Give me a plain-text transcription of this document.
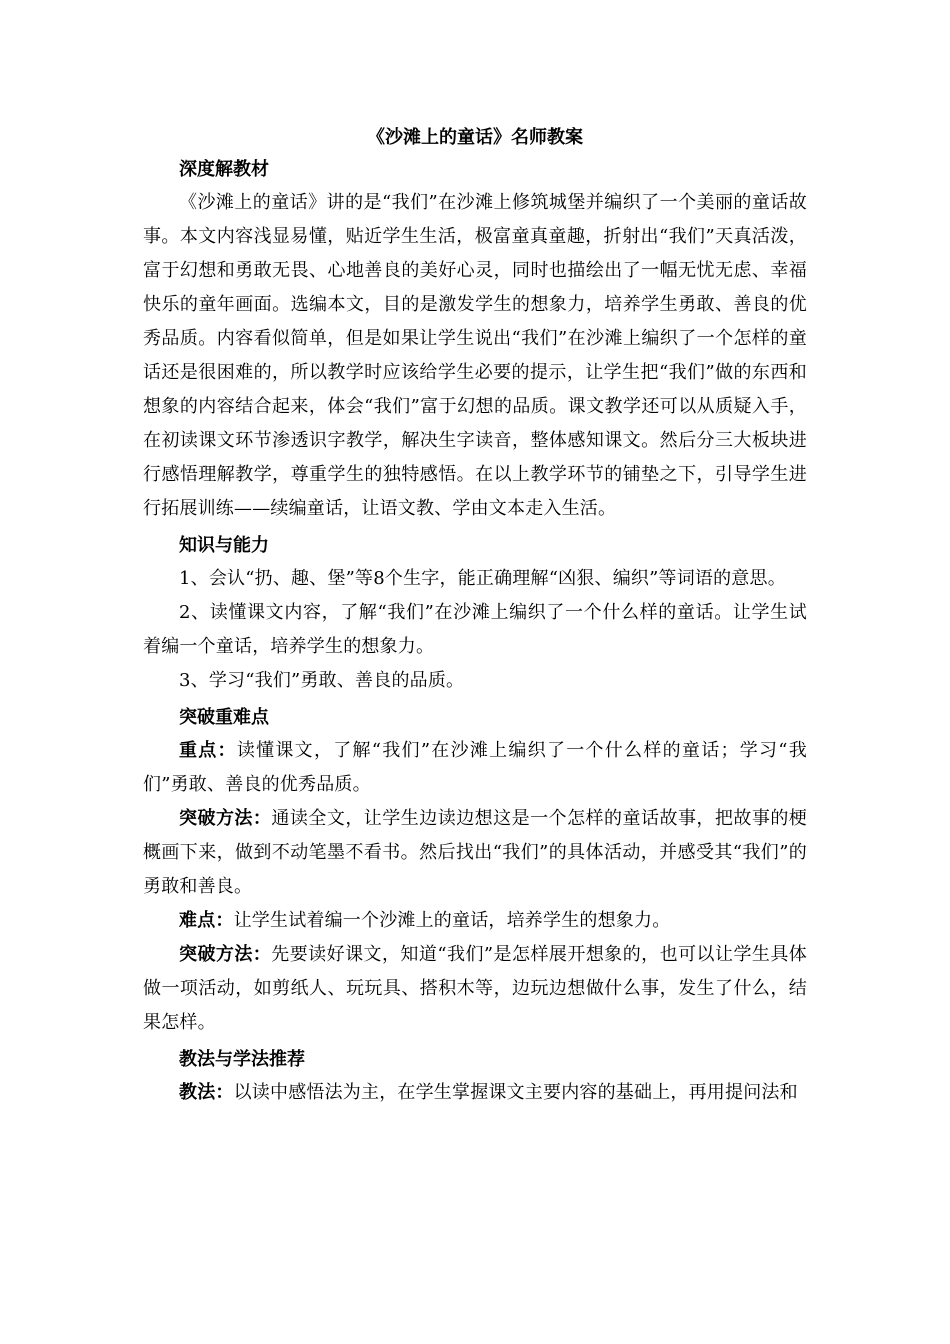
《沙滩上的童话》名师教案
深度解教材

《沙滩上的童话》讲的是“我们”在沙滩上修筑城堡并编织了一个美丽的童话故事。本文内容浅显易懂，贴近学生生活，极富童真童趣，折射出“我们”天真活泼，富于幻想和勇敢无畏、心地善良的美好心灵，同时也描绘出了一幅无忧无虑、幸福快乐的童年画面。选编本文，目的是激发学生的想象力，培养学生勇敢、善良的优秀品质。内容看似简单，但是如果让学生说出“我们”在沙滩上编织了一个怎样的童话还是很困难的，所以教学时应该给学生必要的提示，让学生把“我们”做的东西和想象的内容结合起来，体会“我们”富于幻想的品质。课文教学还可以从质疑入手，在初读课文环节渗透识字教学，解决生字读音，整体感知课文。然后分三大板块进行感悟理解教学，尊重学生的独特感悟。在以上教学环节的铺垫之下，引导学生进行拓展训练——续编童话，让语文教、学由文本走入生活。

知识与能力

1、会认“扔、趣、堡”等8个生字，能正确理解“凶狠、编织”等词语的意思。

2、读懂课文内容，了解“我们”在沙滩上编织了一个什么样的童话。让学生试着编一个童话，培养学生的想象力。

3、学习“我们”勇敢、善良的品质。

突破重难点

重点：读懂课文，了解“我们”在沙滩上编织了一个什么样的童话；学习“我们”勇敢、善良的优秀品质。

突破方法：通读全文，让学生边读边想这是一个怎样的童话故事，把故事的梗概画下来，做到不动笔墨不看书。然后找出“我们”的具体活动，并感受其“我们”的勇敢和善良。

难点：让学生试着编一个沙滩上的童话，培养学生的想象力。

突破方法：先要读好课文，知道“我们”是怎样展开想象的，也可以让学生具体做一项活动，如剪纸人、玩玩具、搭积木等，边玩边想做什么事，发生了什么，结果怎样。

教法与学法推荐

教法：以读中感悟法为主，在学生掌握课文主要内容的基础上，再用提问法和
